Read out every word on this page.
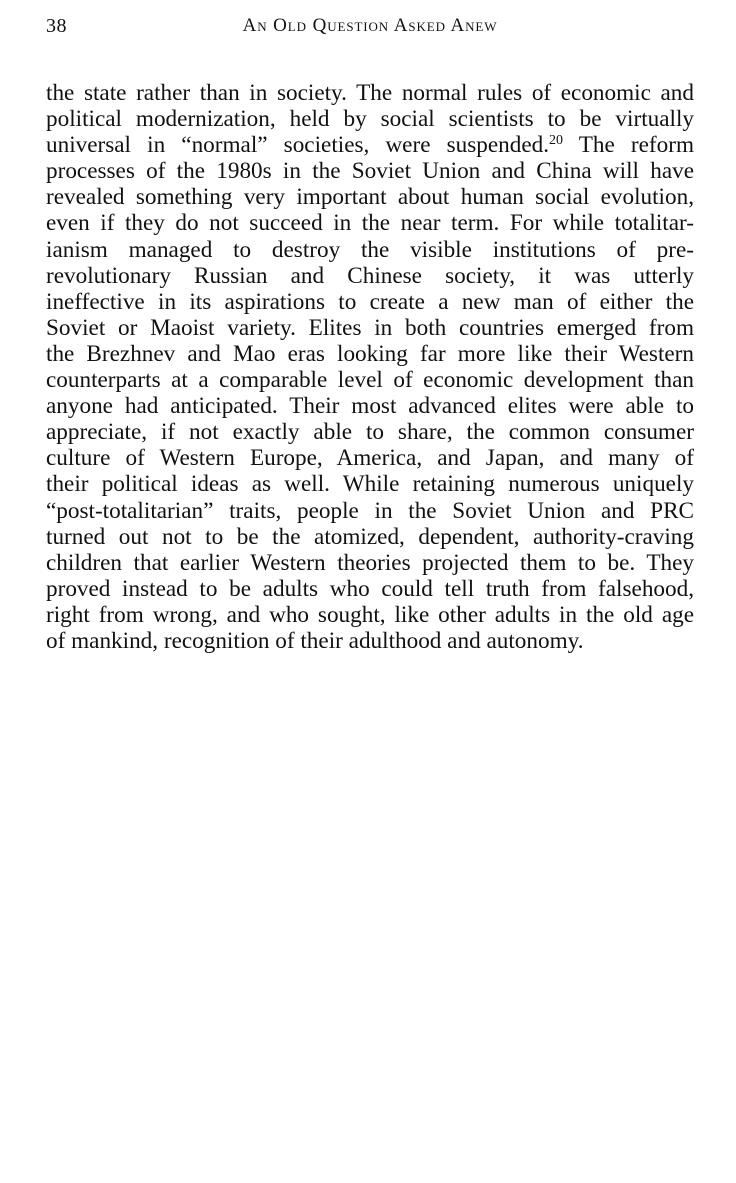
38	An Old Question Asked Anew
the state rather than in society. The normal rules of economic and
political modernization, held by social scientists to be virtually
universal in “normal” societies, were suspended.$^{20}$ The reform
processes of the 1980s in the Soviet Union and China will have
revealed something very important about human social evolution,
even if they do not succeed in the near term. For while totalitar-
ianism managed to destroy the visible institutions of pre-
revolutionary Russian and Chinese society, it was utterly
ineffective in its aspirations to create a new man of either the
Soviet or Maoist variety. Elites in both countries emerged from
the Brezhnev and Mao eras looking far more like their Western
counterparts at a comparable level of economic development than
anyone had anticipated. Their most advanced elites were able to
appreciate, if not exactly able to share, the common consumer
culture of Western Europe, America, and Japan, and many of
their political ideas as well. While retaining numerous uniquely
“post-totalitarian” traits, people in the Soviet Union and PRC
turned out not to be the atomized, dependent, authority-craving
children that earlier Western theories projected them to be. They
proved instead to be adults who could tell truth from falsehood,
right from wrong, and who sought, like other adults in the old age
of mankind, recognition of their adulthood and autonomy.
